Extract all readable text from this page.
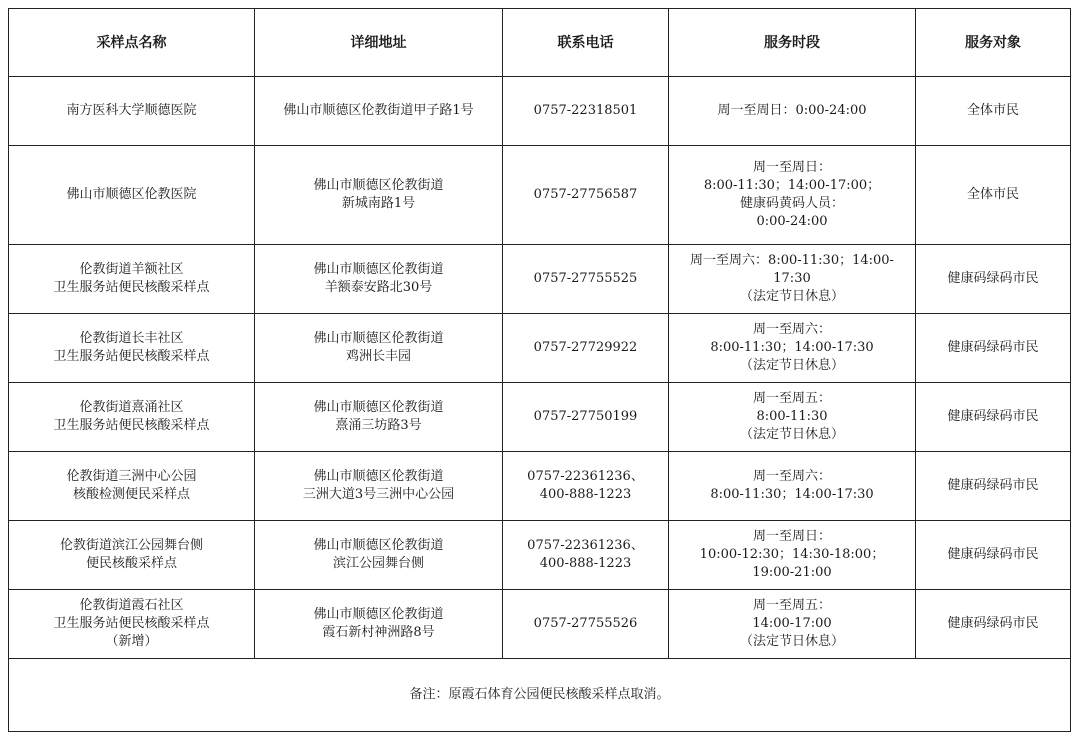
采样点名称	详细地址	联系电话	服务时段	服务对象

南方医科大学顺德医院	佛山市顺德区伦教街道甲子路1号	0757-22318501	周一至周日：0:00-24:00	全体市民

佛山市顺德区伦教医院	佛山市顺德区伦教街道
新城南路1号	0757-27756587	周一至周日：
8:00-11:30；14:00-17:00；
健康码黄码人员：
0:00-24:00	全体市民

伦教街道羊额社区
卫生服务站便民核酸采样点	佛山市顺德区伦教街道
羊额泰安路北30号	0757-27755525	周一至周六：8:00-11:30；14:00-
17:30
（法定节日休息）	健康码绿码市民

伦教街道长丰社区
卫生服务站便民核酸采样点	佛山市顺德区伦教街道
鸡洲长丰园	0757-27729922	周一至周六：
8:00-11:30；14:00-17:30
（法定节日休息）	健康码绿码市民

伦教街道熹涌社区
卫生服务站便民核酸采样点	佛山市顺德区伦教街道
熹涌三坊路3号	0757-27750199	周一至周五：
8:00-11:30
（法定节日休息）	健康码绿码市民

伦教街道三洲中心公园
核酸检测便民采样点	佛山市顺德区伦教街道
三洲大道3号三洲中心公园	0757-22361236、
400-888-1223	周一至周六：
8:00-11:30；14:00-17:30	健康码绿码市民

伦教街道滨江公园舞台侧
便民核酸采样点	佛山市顺德区伦教街道
滨江公园舞台侧	0757-22361236、
400-888-1223	周一至周日：
10:00-12:30；14:30-18:00；
19:00-21:00	健康码绿码市民

伦教街道霞石社区
卫生服务站便民核酸采样点
（新增）	佛山市顺德区伦教街道
霞石新村神洲路8号	0757-27755526	周一至周五：
14:00-17:00
（法定节日休息）	健康码绿码市民
备注：原霞石体育公园便民核酸采样点取消。				
